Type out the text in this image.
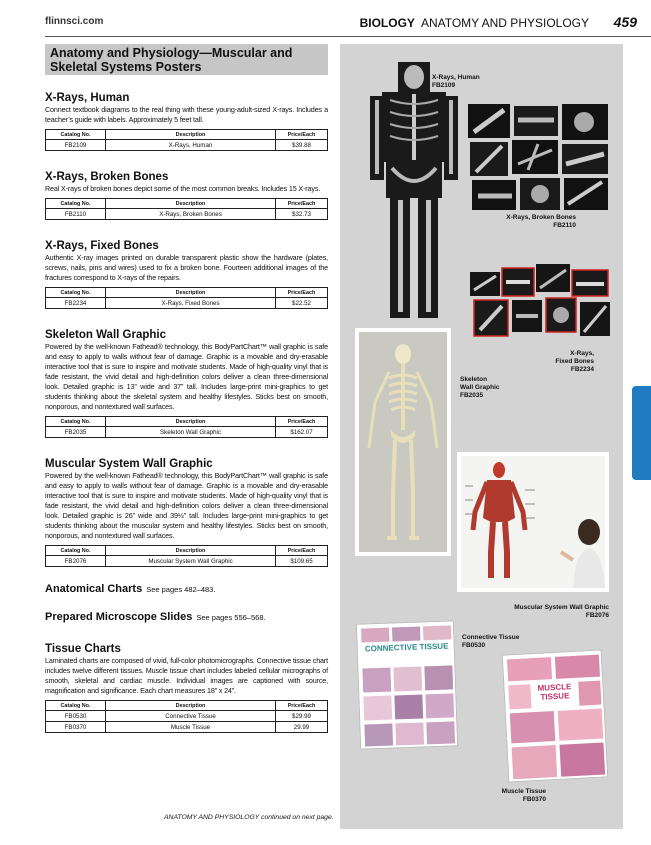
flinnsci.com	BIOLOGY ANATOMY AND PHYSIOLOGY 459
Anatomy and Physiology—Muscular and Skeletal Systems Posters
X-Rays, Human

Connect textbook diagrams to the real thing with these young-adult-sized X-rays. Includes a teacher’s guide with labels. Approximately 5 feet tall.

Catalog No.	Description	Price/Each
FB2109	X-Rays, Human	$39.88
X-Rays, Broken Bones

Real X-rays of broken bones depict some of the most common breaks. Includes 15 X-rays.

Catalog No.	Description	Price/Each
FB2110	X-Rays, Broken Bones	$32.73
X-Rays, Fixed Bones

Authentic X-ray images printed on durable transparent plastic show the hardware (plates, screws, nails, pins and wires) used to fix a broken bone. Fourteen additional images of the fractures correspond to X-rays of the repairs.

Catalog No.	Description	Price/Each
FB2234	X-Rays, Fixed Bones	$22.52
Skeleton Wall Graphic

Powered by the well-known Fathead® technology, this BodyPartChart™ wall graphic is safe and easy to apply to walls without fear of damage. Graphic is a movable and dry-erasable interactive tool that is sure to inspire and motivate students. Made of high-quality vinyl that is fade resistant, the vivid detail and high-definition colors deliver a clean three-dimensional look. Detailed graphic is 13” wide and 37” tall. Includes large-print mini-graphics to get students thinking about the skeletal system and healthy lifestyles. Sticks best on smooth, nonporous, and nontextured wall surfaces.

Catalog No.	Description	Price/Each
FB2035	Skeleton Wall Graphic	$162.07
Muscular System Wall Graphic

Powered by the well-known Fathead® technology, this BodyPartChart™ wall graphic is safe and easy to apply to walls without fear of damage. Graphic is a movable and dry-erasable interactive tool that is sure to inspire and motivate students. Made of high-quality vinyl that is fade resistant, the vivid detail and high-definition colors deliver a clean three-dimensional look. Detailed graphic is 26” wide and 39½” tall. Includes large-print mini-graphics to get students thinking about the muscular system and healthy lifestyles. Sticks best on smooth, nonporous, and nontextured wall surfaces.

Catalog No.	Description	Price/Each
FB2076	Muscular System Wall Graphic	$109.65
Anatomical Charts See pages 482–483.
Prepared Microscope Slides See pages 556–568.
Tissue Charts

Laminated charts are composed of vivid, full-color photomicrographs. Connective tissue chart includes twelve different tissues. Muscle tissue chart includes labeled cellular micrographs of smooth, skeletal and cardiac muscle. Individual images are captioned with source, magnification and significance. Each chart measures 18” x 24”.

Catalog No.	Description	Price/Each
FB0530	Connective Tissue	$29.99
FB0370	Muscle Tissue	29.99
ANATOMY AND PHYSIOLOGY continued on next page.
X-Rays, Human
FB2109
X-Rays, Broken Bones
FB2110
X-Rays,
Fixed Bones
FB2234
Skeleton
Wall Graphic
FB2035
Muscular System Wall Graphic
FB2076
CONNECTIVE TISSUE
Connective Tissue
FB0530
MUSCLE TISSUE
Muscle Tissue
FB0370
